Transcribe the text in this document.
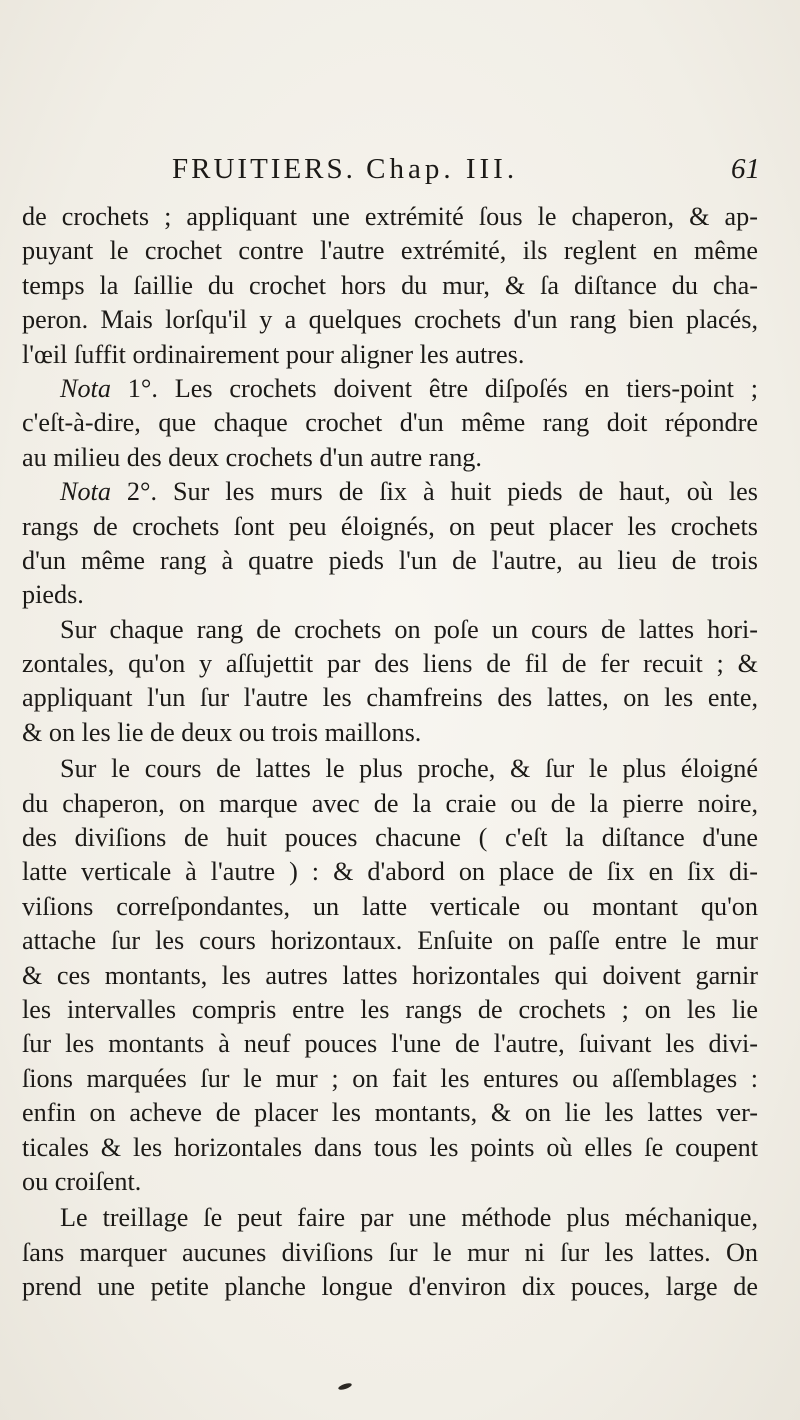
FRUITIERS. Chap. III.	61
de crochets ; appliquant une extrémité ſous le chaperon, & ap-
puyant le crochet contre l'autre extrémité, ils reglent en même
temps la ſaillie du crochet hors du mur, & ſa diſtance du cha-
peron. Mais lorſqu'il y a quelques crochets d'un rang bien placés,
l'œil ſuffit ordinairement pour aligner les autres.
Nota 1°. Les crochets doivent être diſpoſés en tiers-point ;
c'eſt-à-dire, que chaque crochet d'un même rang doit répondre
au milieu des deux crochets d'un autre rang.
Nota 2°. Sur les murs de ſix à huit pieds de haut, où les
rangs de crochets ſont peu éloignés, on peut placer les crochets
d'un même rang à quatre pieds l'un de l'autre, au lieu de trois
pieds.
Sur chaque rang de crochets on poſe un cours de lattes hori-
zontales, qu'on y aſſujettit par des liens de fil de fer recuit ; &
appliquant l'un ſur l'autre les chamfreins des lattes, on les ente,
& on les lie de deux ou trois maillons.
Sur le cours de lattes le plus proche, & ſur le plus éloigné
du chaperon, on marque avec de la craie ou de la pierre noire,
des diviſions de huit pouces chacune ( c'eſt la diſtance d'une
latte verticale à l'autre ) : & d'abord on place de ſix en ſix di-
viſions correſpondantes, un latte verticale ou montant qu'on
attache ſur les cours horizontaux. Enſuite on paſſe entre le mur
& ces montants, les autres lattes horizontales qui doivent garnir
les intervalles compris entre les rangs de crochets ; on les lie
ſur les montants à neuf pouces l'une de l'autre, ſuivant les divi-
ſions marquées ſur le mur ; on fait les entures ou aſſemblages :
enfin on acheve de placer les montants, & on lie les lattes ver-
ticales & les horizontales dans tous les points où elles ſe coupent
ou croiſent.
Le treillage ſe peut faire par une méthode plus méchanique,
ſans marquer aucunes diviſions ſur le mur ni ſur les lattes. On
prend une petite planche longue d'environ dix pouces, large de
